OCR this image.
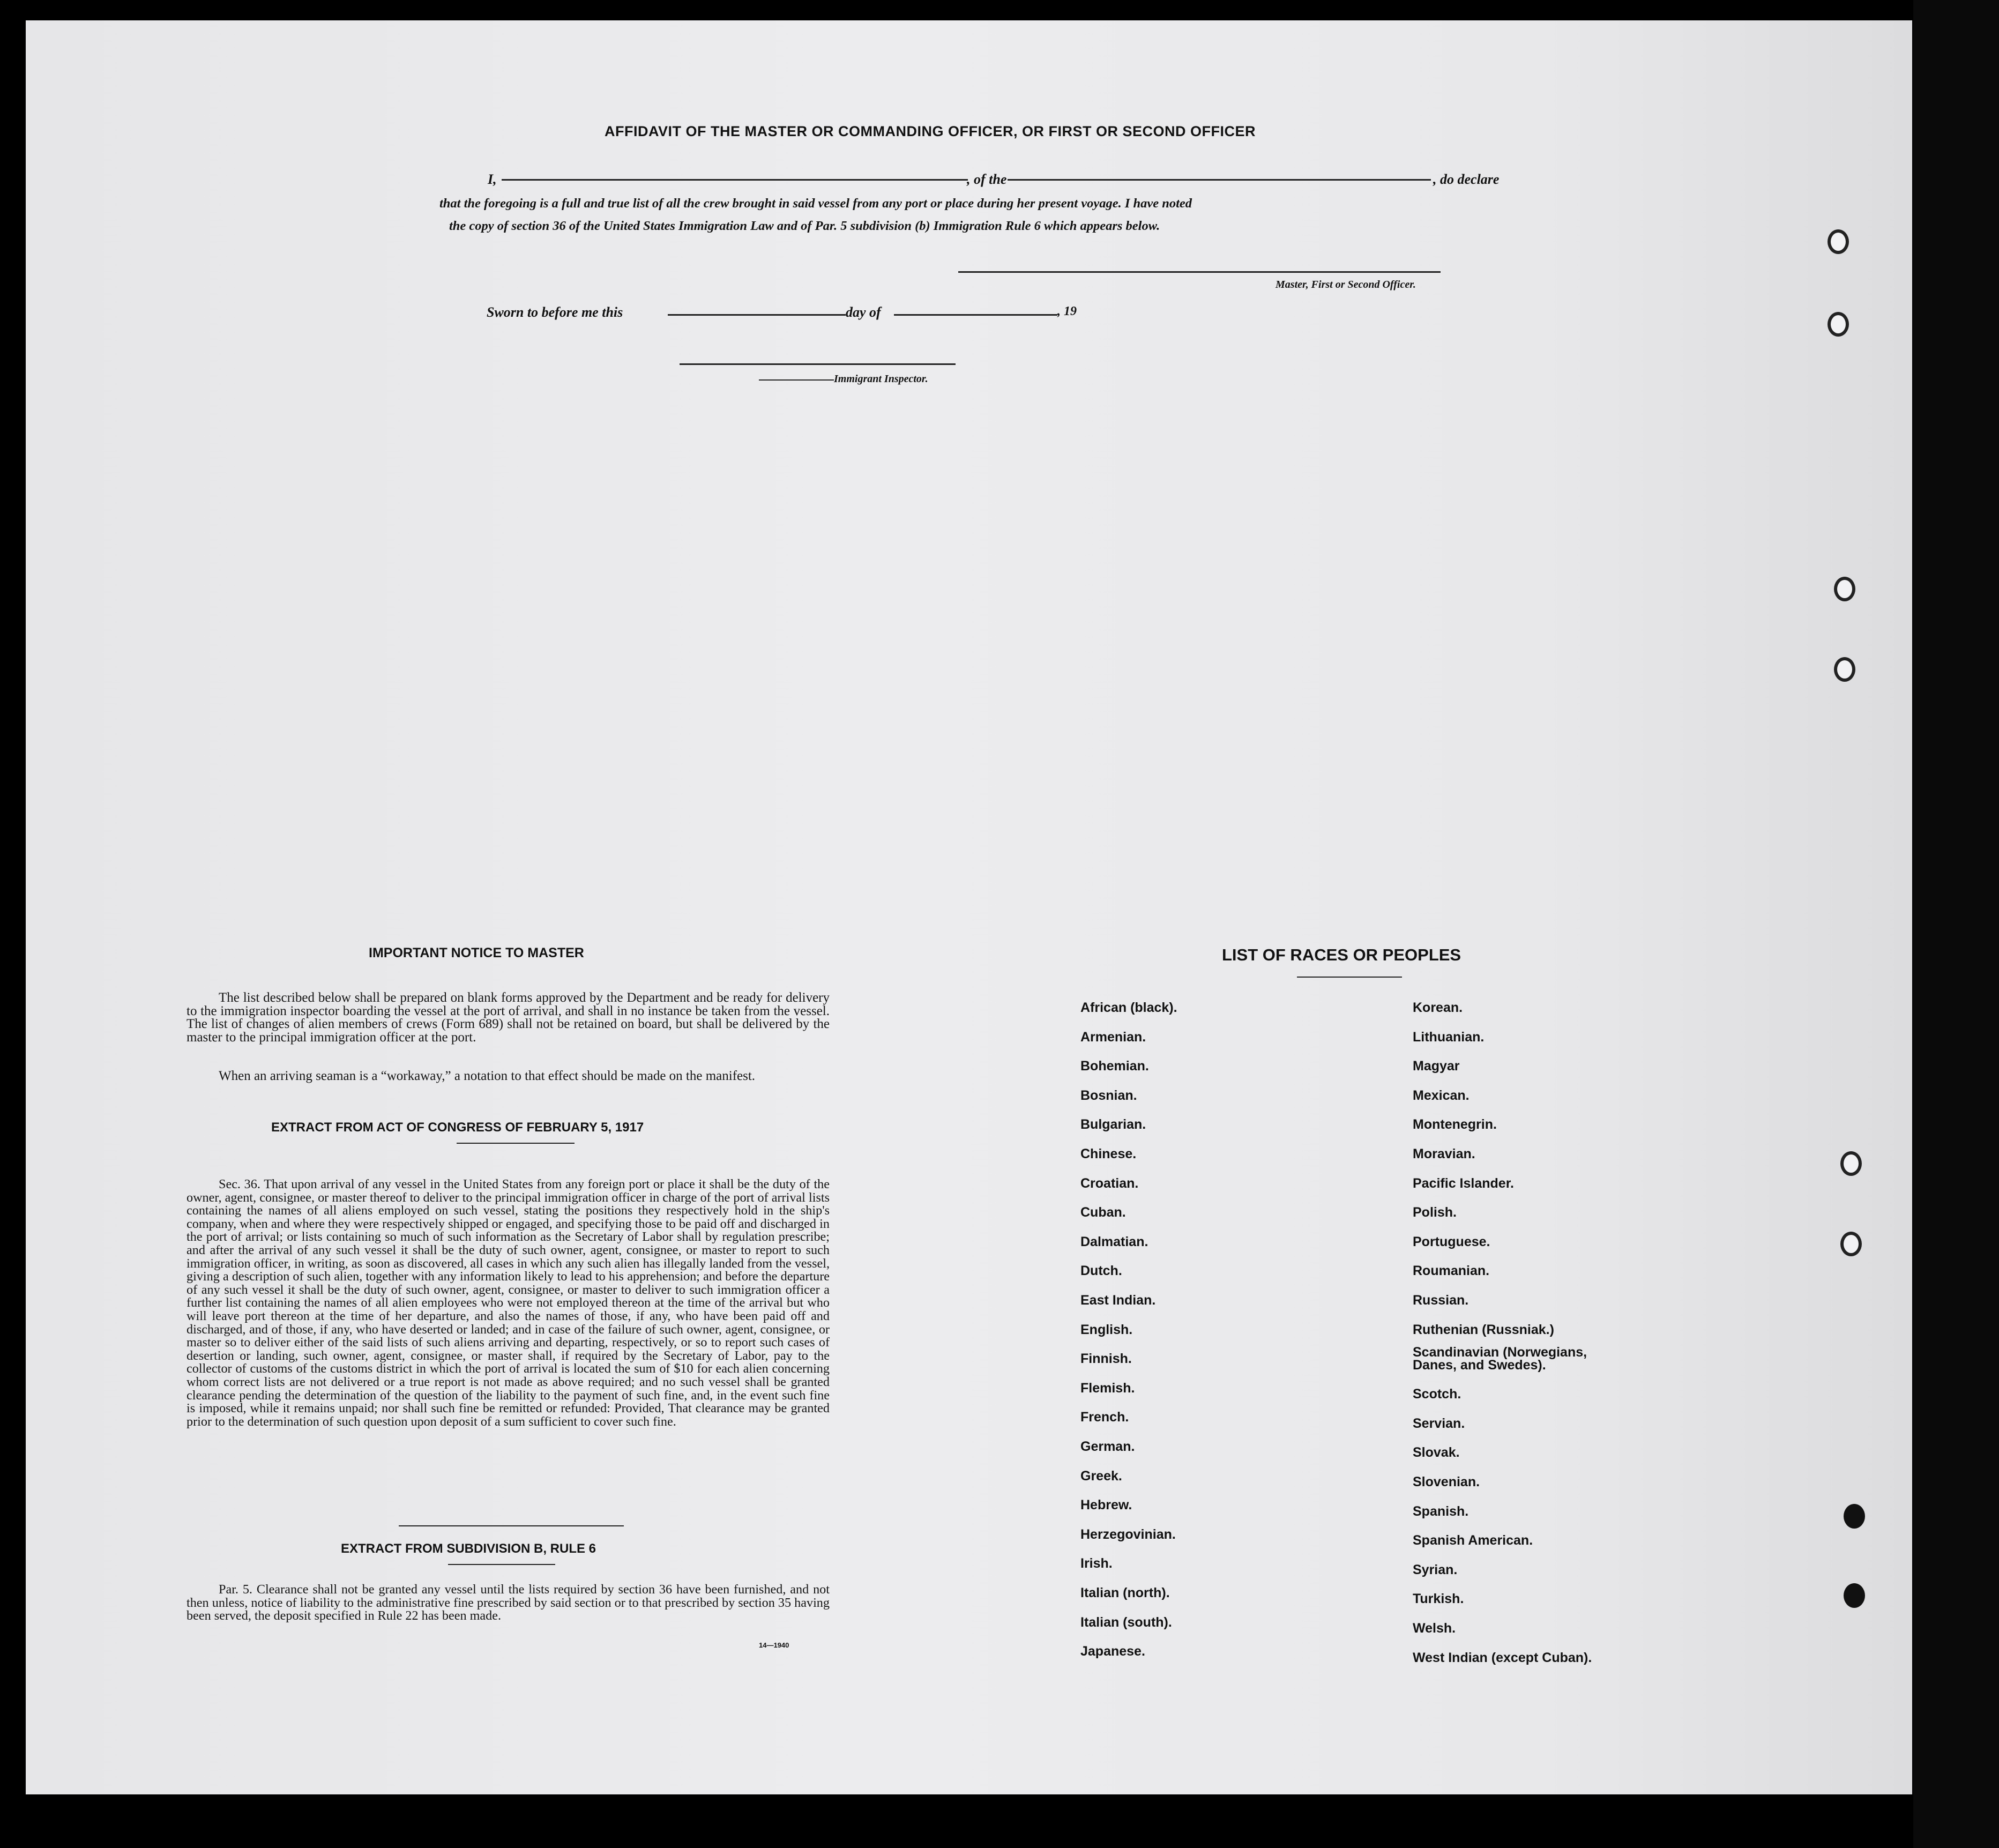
AFFIDAVIT OF THE MASTER OR COMMANDING OFFICER, OR FIRST OR SECOND OFFICER
I,	, of the	, do declare
that the foregoing is a full and true list of all the crew brought in said vessel from any port or place during her present voyage. I have noted
the copy of section 36 of the United States Immigration Law and of Par. 5 subdivision (b) Immigration Rule 6 which appears below.
Master, First or Second Officer.
Sworn to before me this	day of	, 19
Immigrant Inspector.
IMPORTANT NOTICE TO MASTER
The list described below shall be prepared on blank forms approved by the Department and be ready for delivery to the immigration inspector boarding the vessel at the port of arrival, and shall in no instance be taken from the vessel. The list of changes of alien members of crews (Form 689) shall not be retained on board, but shall be delivered by the master to the principal immigration officer at the port.
When an arriving seaman is a “workaway,” a notation to that effect should be made on the manifest.
EXTRACT FROM ACT OF CONGRESS OF FEBRUARY 5, 1917
Sec. 36. That upon arrival of any vessel in the United States from any foreign port or place it shall be the duty of the owner, agent, consignee, or master thereof to deliver to the principal immigration officer in charge of the port of arrival lists containing the names of all aliens employed on such vessel, stating the positions they respectively hold in the ship's company, when and where they were respectively shipped or engaged, and specifying those to be paid off and discharged in the port of arrival; or lists containing so much of such information as the Secretary of Labor shall by regulation prescribe; and after the arrival of any such vessel it shall be the duty of such owner, agent, consignee, or master to report to such immigration officer, in writing, as soon as discovered, all cases in which any such alien has illegally landed from the vessel, giving a description of such alien, together with any information likely to lead to his apprehension; and before the departure of any such vessel it shall be the duty of such owner, agent, consignee, or master to deliver to such immigration officer a further list containing the names of all alien employees who were not employed thereon at the time of the arrival but who will leave port thereon at the time of her departure, and also the names of those, if any, who have been paid off and discharged, and of those, if any, who have deserted or landed; and in case of the failure of such owner, agent, consignee, or master so to deliver either of the said lists of such aliens arriving and departing, respectively, or so to report such cases of desertion or landing, such owner, agent, consignee, or master shall, if required by the Secretary of Labor, pay to the collector of customs of the customs district in which the port of arrival is located the sum of $10 for each alien concerning whom correct lists are not delivered or a true report is not made as above required; and no such vessel shall be granted clearance pending the determination of the question of the liability to the payment of such fine, and, in the event such fine is imposed, while it remains unpaid; nor shall such fine be remitted or refunded: Provided, That clearance may be granted prior to the determination of such question upon deposit of a sum sufficient to cover such fine.
EXTRACT FROM SUBDIVISION B, RULE 6
Par. 5. Clearance shall not be granted any vessel until the lists required by section 36 have been furnished, and not then unless, notice of liability to the administrative fine prescribed by said section or to that prescribed by section 35 having been served, the deposit specified in Rule 22 has been made.
14—1940
LIST OF RACES OR PEOPLES
African (black).
Armenian.
Bohemian.
Bosnian.
Bulgarian.
Chinese.
Croatian.
Cuban.
Dalmatian.
Dutch.
East Indian.
English.
Finnish.
Flemish.
French.
German.
Greek.
Hebrew.
Herzegovinian.
Irish.
Italian (north).
Italian (south).
Japanese.
Korean.
Lithuanian.
Magyar
Mexican.
Montenegrin.
Moravian.
Pacific Islander.
Polish.
Portuguese.
Roumanian.
Russian.
Ruthenian (Russniak.)
Scandinavian (Norwegians, Danes, and Swedes).
Scotch.
Servian.
Slovak.
Slovenian.
Spanish.
Spanish American.
Syrian.
Turkish.
Welsh.
West Indian (except Cuban).
